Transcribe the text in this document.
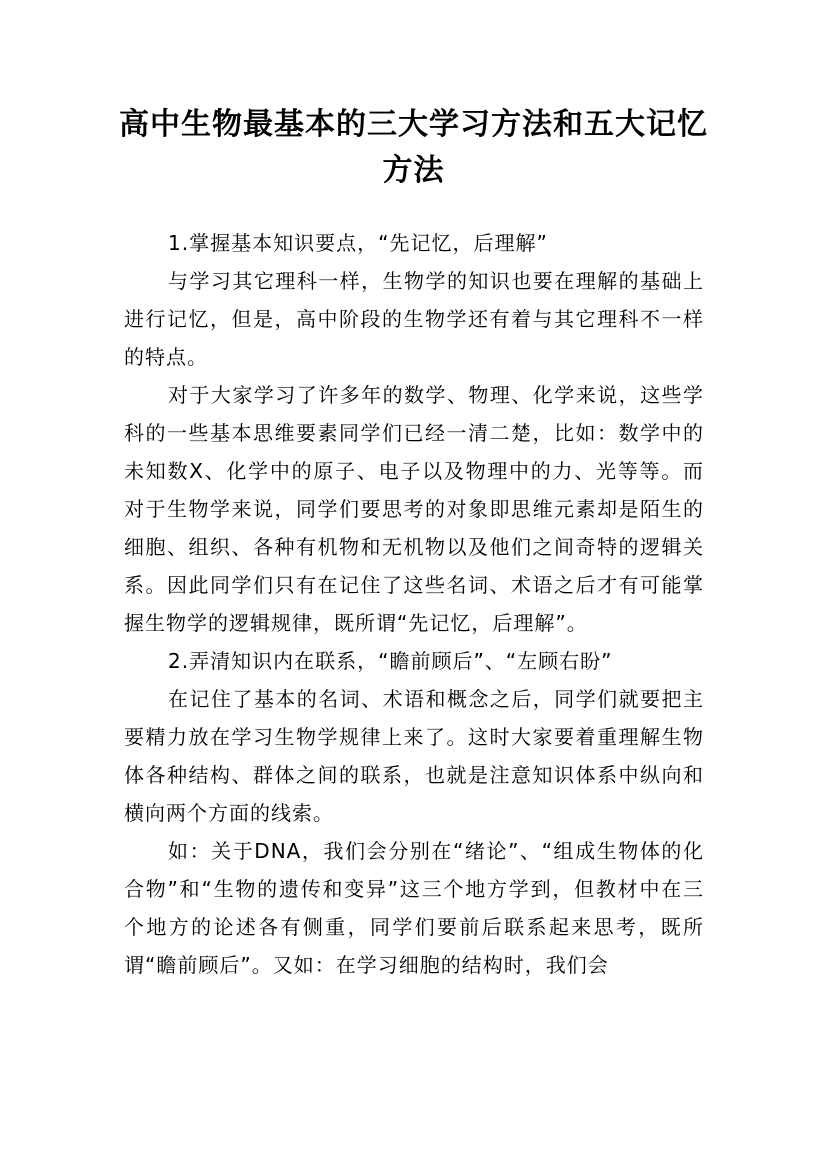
高中生物最基本的三大学习方法和五大记忆方法

1.掌握基本知识要点，“先记忆，后理解”

与学习其它理科一样，生物学的知识也要在理解的基础上进行记忆，但是，高中阶段的生物学还有着与其它理科不一样的特点。

对于大家学习了许多年的数学、物理、化学来说，这些学科的一些基本思维要素同学们已经一清二楚，比如：数学中的未知数X、化学中的原子、电子以及物理中的力、光等等。而对于生物学来说，同学们要思考的对象即思维元素却是陌生的细胞、组织、各种有机物和无机物以及他们之间奇特的逻辑关系。因此同学们只有在记住了这些名词、术语之后才有可能掌握生物学的逻辑规律，既所谓“先记忆，后理解”。

2.弄清知识内在联系，“瞻前顾后”、“左顾右盼”

在记住了基本的名词、术语和概念之后，同学们就要把主要精力放在学习生物学规律上来了。这时大家要着重理解生物体各种结构、群体之间的联系，也就是注意知识体系中纵向和横向两个方面的线索。

如：关于DNA，我们会分别在“绪论”、“组成生物体的化合物”和“生物的遗传和变异”这三个地方学到，但教材中在三个地方的论述各有侧重，同学们要前后联系起来思考，既所谓“瞻前顾后”。又如：在学习细胞的结构时，我们会
